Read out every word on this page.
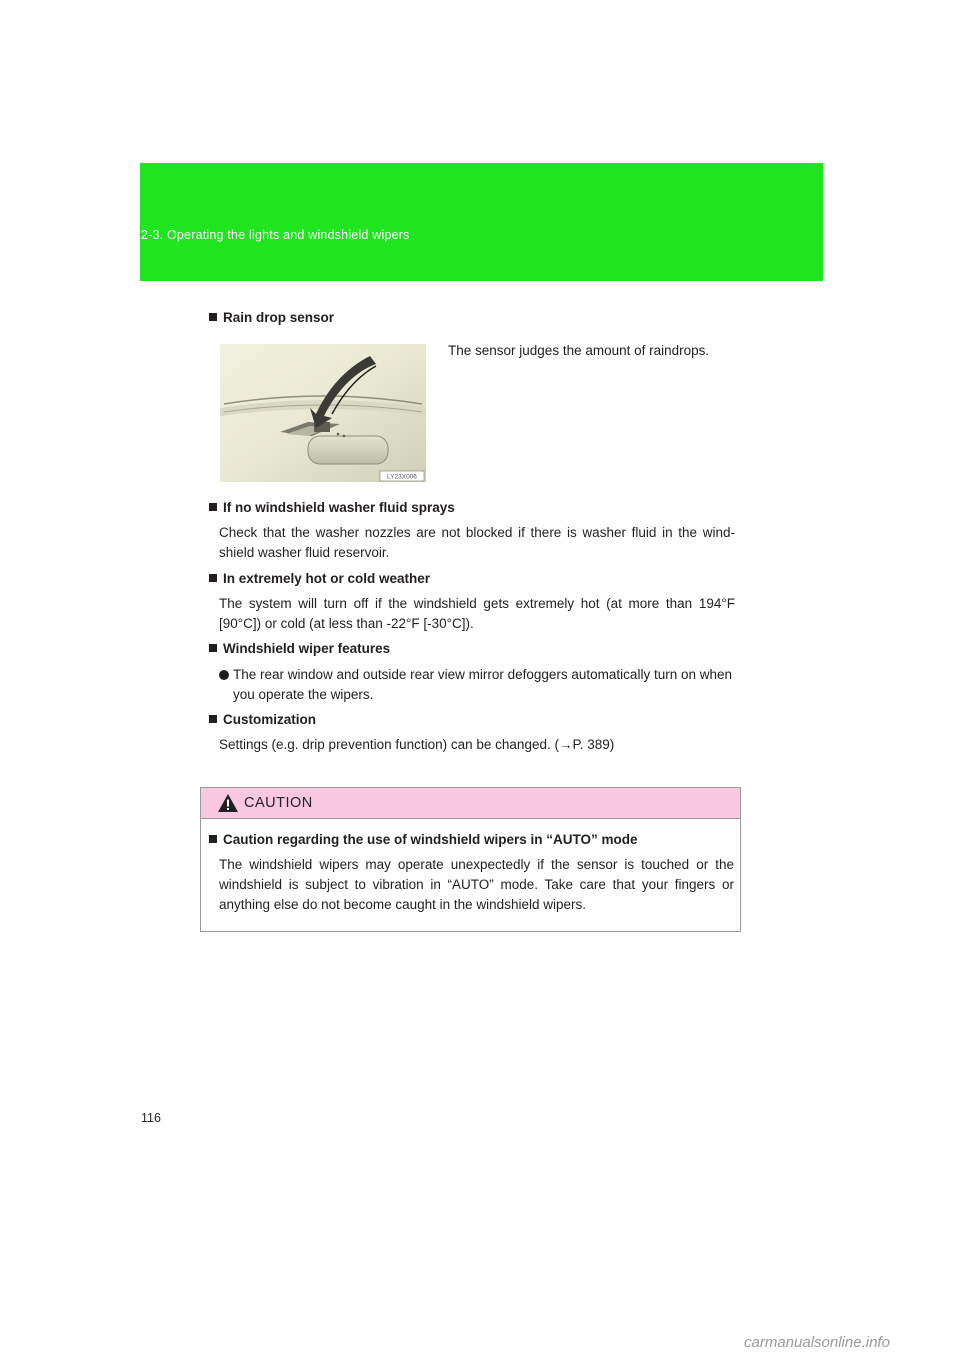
2-3. Operating the lights and windshield wipers
Rain drop sensor
LY23X006
The sensor judges the amount of raindrops.
If no windshield washer fluid sprays
Check that the washer nozzles are not blocked if there is washer fluid in the wind-shield washer fluid reservoir.
In extremely hot or cold weather
The system will turn off if the windshield gets extremely hot (at more than 194°F [90°C]) or cold (at less than -22°F [-30°C]).
Windshield wiper features
The rear window and outside rear view mirror defoggers automatically turn on when you operate the wipers.
Customization
Settings (e.g. drip prevention function) can be changed. (→P. 389)
CAUTION
Caution regarding the use of windshield wipers in “AUTO” mode
The windshield wipers may operate unexpectedly if the sensor is touched or the windshield is subject to vibration in “AUTO” mode. Take care that your fingers or anything else do not become caught in the windshield wipers.
116
carmanualsonline.info
